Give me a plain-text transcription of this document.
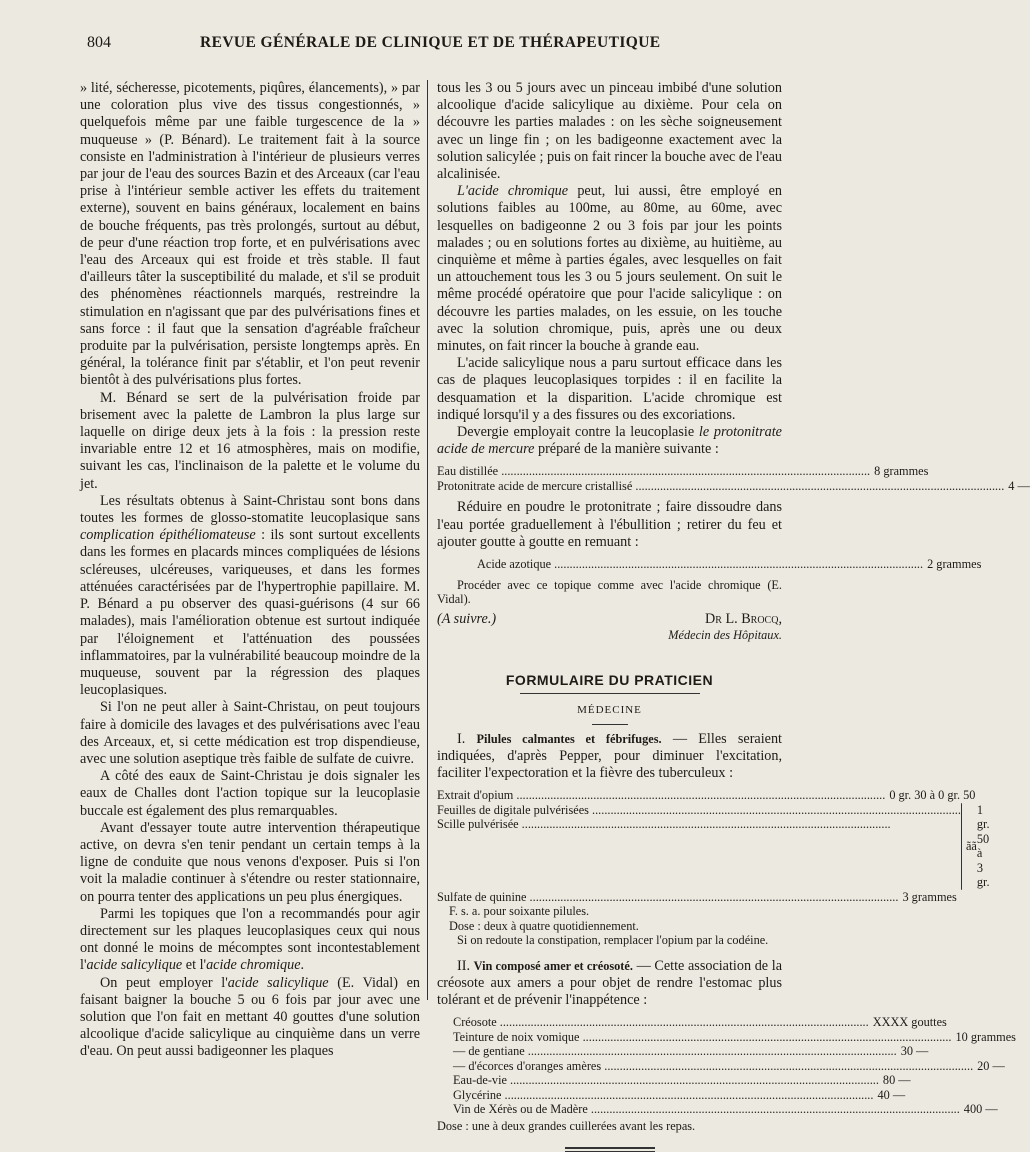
804	REVUE GÉNÉRALE DE CLINIQUE ET DE THÉRAPEUTIQUE

» lité, sécheresse, picotements, piqûres, élancements), » par une coloration plus vive des tissus congestionnés, » quelquefois même par une faible turgescence de la » muqueuse » (P. Bénard). Le traitement fait à la source consiste en l'administration à l'intérieur de plusieurs verres par jour de l'eau des sources Bazin et des Arceaux (car l'eau prise à l'intérieur semble activer les effets du traitement externe), souvent en bains généraux, localement en bains de bouche fréquents, pas très prolongés, surtout au début, de peur d'une réaction trop forte, et en pulvérisations avec l'eau des Arceaux qui est froide et très stable. Il faut d'ailleurs tâter la susceptibilité du malade, et s'il se produit des phénomènes réactionnels marqués, restreindre la stimulation en n'agissant que par des pulvérisations fines et sans force : il faut que la sensation d'agréable fraîcheur produite par la pulvérisation, persiste longtemps après. En général, la tolérance finit par s'établir, et l'on peut revenir bientôt à des pulvérisations plus fortes.

M. Bénard se sert de la pulvérisation froide par brisement avec la palette de Lambron la plus large sur laquelle on dirige deux jets à la fois : la pression reste invariable entre 12 et 16 atmosphères, mais on modifie, suivant les cas, l'inclinaison de la palette et le volume du jet.

Les résultats obtenus à Saint-Christau sont bons dans toutes les formes de glosso-stomatite leucoplasique sans complication épithéliomateuse : ils sont surtout excellents dans les formes en placards minces compliquées de lésions scléreuses, ulcéreuses, variqueuses, et dans les formes atténuées caractérisées par de l'hypertrophie papillaire. M. P. Bénard a pu observer des quasi-guérisons (4 sur 66 malades), mais l'amélioration obtenue est surtout indiquée par l'éloignement et l'atténuation des poussées inflammatoires, par la vulnérabilité beaucoup moindre de la muqueuse, souvent par la régression des plaques leucoplasiques.

Si l'on ne peut aller à Saint-Christau, on peut toujours faire à domicile des lavages et des pulvérisations avec l'eau des Arceaux, et, si cette médication est trop dispendieuse, avec une solution aseptique très faible de sulfate de cuivre.

A côté des eaux de Saint-Christau je dois signaler les eaux de Challes dont l'action topique sur la leucoplasie buccale est également des plus remarquables.

Avant d'essayer toute autre intervention thérapeutique active, on devra s'en tenir pendant un certain temps à la ligne de conduite que nous venons d'exposer. Puis si l'on voit la maladie continuer à s'étendre ou rester stationnaire, on pourra tenter des applications un peu plus énergiques.

Parmi les topiques que l'on a recommandés pour agir directement sur les plaques leucoplasiques ceux qui nous ont donné le moins de mécomptes sont incontestablement l'acide salicylique et l'acide chromique.

On peut employer l'acide salicylique (E. Vidal) en faisant baigner la bouche 5 ou 6 fois par jour avec une solution que l'on fait en mettant 40 gouttes d'une solution alcoolique d'acide salicylique au cinquième dans un verre d'eau. On peut aussi badigeonner les plaques

tous les 3 ou 5 jours avec un pinceau imbibé d'une solution alcoolique d'acide salicylique au dixième. Pour cela on découvre les parties malades : on les sèche soigneusement avec un linge fin ; on les badigeonne exactement avec la solution salicylée ; puis on fait rincer la bouche avec de l'eau alcalinisée.

L'acide chromique peut, lui aussi, être employé en solutions faibles au 100me, au 80me, au 60me, avec lesquelles on badigeonne 2 ou 3 fois par jour les points malades ; ou en solutions fortes au dixième, au huitième, au cinquième et même à parties égales, avec lesquelles on fait un attouchement tous les 3 ou 5 jours seulement. On suit le même procédé opératoire que pour l'acide salicylique : on découvre les parties malades, on les essuie, on les touche avec la solution chromique, puis, après une ou deux minutes, on fait rincer la bouche à grande eau.

L'acide salicylique nous a paru surtout efficace dans les cas de plaques leucoplasiques torpides : il en facilite la desquamation et la disparition. L'acide chromique est indiqué lorsqu'il y a des fissures ou des excoriations.

Devergie employait contre la leucoplasie le protonitrate acide de mercure préparé de la manière suivante :

Eau distillée ........................................................................................................................ 8 grammes
Protonitrate acide de mercure cristallisé ........................................................................................................................ 4 —

Réduire en poudre le protonitrate ; faire dissoudre dans l'eau portée graduellement à l'ébullition ; retirer du feu et ajouter goutte à goutte en remuant :

Acide azotique ........................................................................................................................ 2 grammes

Procéder avec ce topique comme avec l'acide chromique (E. Vidal).

(A suivre.)	Dr L. Brocq,
Médecin des Hôpitaux.
FORMULAIRE DU PRATICIEN
MÉDECINE

I. Pilules calmantes et fébrifuges. — Elles seraient indiquées, d'après Pepper, pour diminuer l'excitation, faciliter l'expectoration et la fièvre des tuberculeux :

Extrait d'opium ........................................................................................................................ 0 gr. 30 à 0 gr. 50
Feuilles de digitale pulvérisées ........................................................................................................................
Scille pulvérisée ........................................................................................................................
ãã
1 gr. 50 à 3 gr.
Sulfate de quinine ........................................................................................................................ 3 grammes
F. s. a. pour soixante pilules.
Dose : deux à quatre quotidiennement.

Si on redoute la constipation, remplacer l'opium par la codéine.

II. Vin composé amer et créosoté. — Cette association de la créosote aux amers a pour objet de rendre l'estomac plus tolérant et de prévenir l'inappétence :

Créosote ........................................................................................................................ XXXX gouttes
Teinture de noix vomique ........................................................................................................................ 10 grammes
— de gentiane ........................................................................................................................ 30 —
— d'écorces d'oranges amères ........................................................................................................................ 20 —
Eau-de-vie ........................................................................................................................ 80 —
Glycérine ........................................................................................................................ 40 —
Vin de Xérès ou de Madère ........................................................................................................................ 400 —
Dose : une à deux grandes cuillerées avant les repas.
